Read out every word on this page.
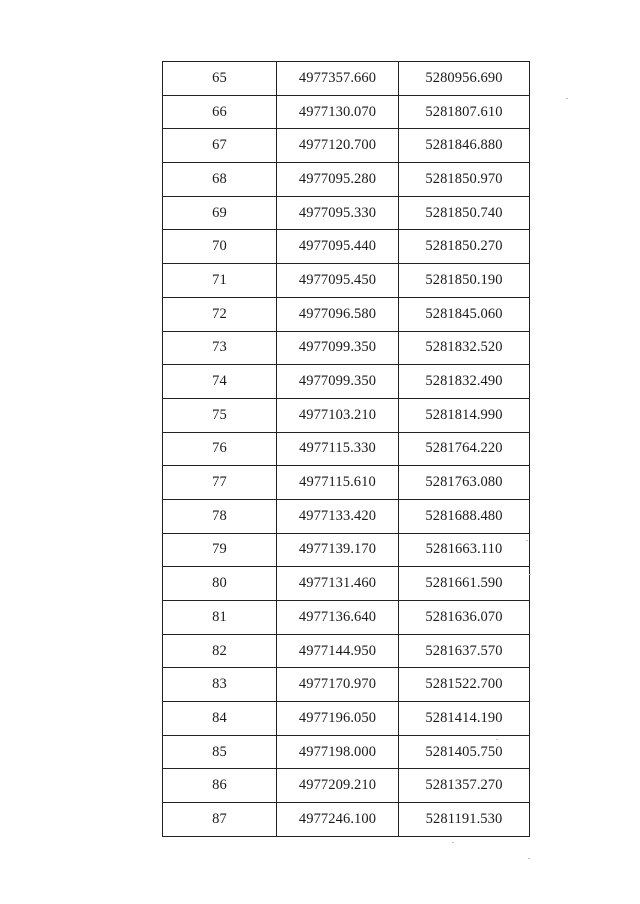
65	4977357.660	5280956.690
66	4977130.070	5281807.610
67	4977120.700	5281846.880
68	4977095.280	5281850.970
69	4977095.330	5281850.740
70	4977095.440	5281850.270
71	4977095.450	5281850.190
72	4977096.580	5281845.060
73	4977099.350	5281832.520
74	4977099.350	5281832.490
75	4977103.210	5281814.990
76	4977115.330	5281764.220
77	4977115.610	5281763.080
78	4977133.420	5281688.480
79	4977139.170	5281663.110
80	4977131.460	5281661.590
81	4977136.640	5281636.070
82	4977144.950	5281637.570
83	4977170.970	5281522.700
84	4977196.050	5281414.190
85	4977198.000	5281405.750
86	4977209.210	5281357.270
87	4977246.100	5281191.530
